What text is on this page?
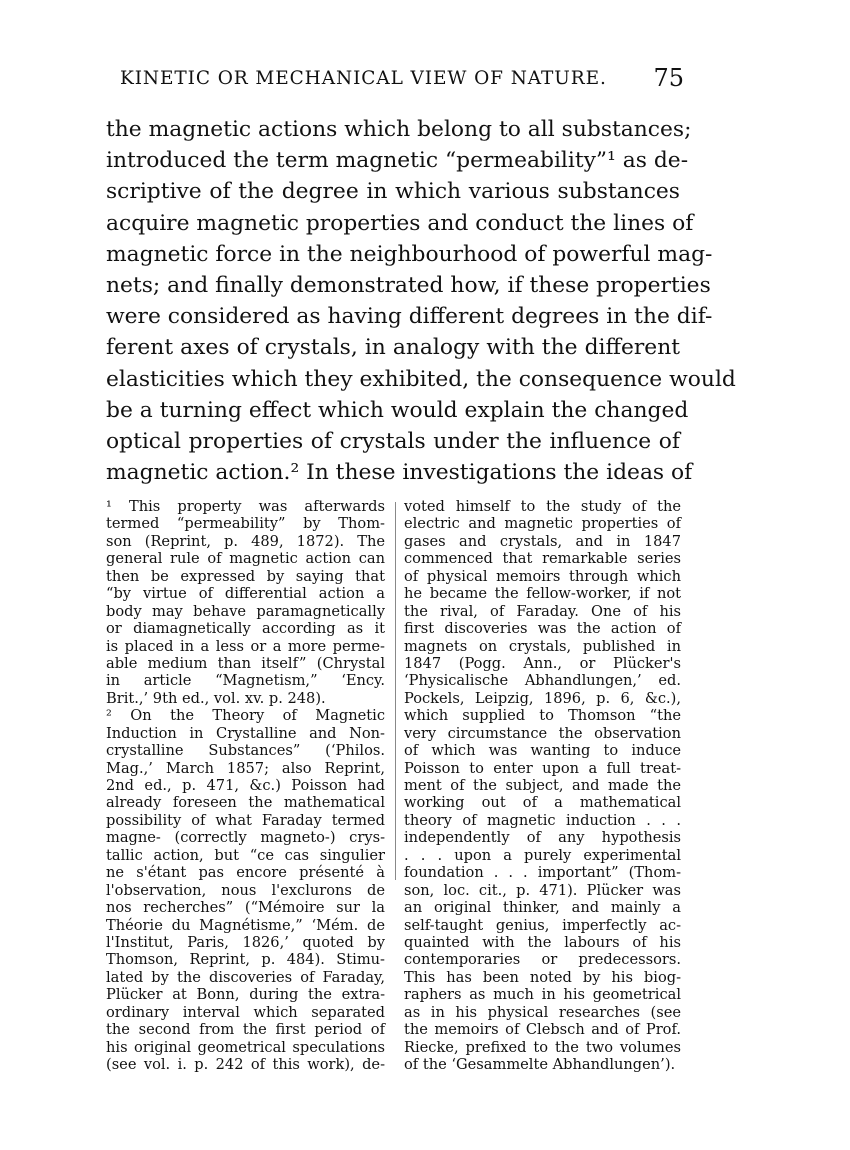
KINETIC OR MECHANICAL VIEW OF NATURE. 75
the magnetic actions which belong to all substances;
introduced the term magnetic “permeability”¹ as de-
scriptive of the degree in which various substances
acquire magnetic properties and conduct the lines of
magnetic force in the neighbourhood of powerful mag-
nets; and finally demonstrated how, if these properties
were considered as having different degrees in the dif-
ferent axes of crystals, in analogy with the different
elasticities which they exhibited, the consequence would
be a turning effect which would explain the changed
optical properties of crystals under the influence of
magnetic action.² In these investigations the ideas of
¹ This property was afterwards
termed “permeability” by Thom-
son (Reprint, p. 489, 1872). The
general rule of magnetic action can
then be expressed by saying that
“by virtue of differential action a
body may behave paramagnetically
or diamagnetically according as it
is placed in a less or a more perme-
able medium than itself” (Chrystal
in article “Magnetism,” ‘Ency.
Brit.,’ 9th ed., vol. xv. p. 248).
² On the Theory of Magnetic
Induction in Crystalline and Non-
crystalline Substances” (‘Philos.
Mag.,’ March 1857; also Reprint,
2nd ed., p. 471, &c.) Poisson had
already foreseen the mathematical
possibility of what Faraday termed
magne- (correctly magneto-) crys-
tallic action, but “ce cas singulier
ne s'étant pas encore présenté à
l'observation, nous l'exclurons de
nos recherches” (“Mémoire sur la
Théorie du Magnétisme,” ‘Mém. de
l'Institut, Paris, 1826,’ quoted by
Thomson, Reprint, p. 484). Stimu-
lated by the discoveries of Faraday,
Plücker at Bonn, during the extra-
ordinary interval which separated
the second from the first period of
his original geometrical speculations
(see vol. i. p. 242 of this work), de-
voted himself to the study of the
electric and magnetic properties of
gases and crystals, and in 1847
commenced that remarkable series
of physical memoirs through which
he became the fellow-worker, if not
the rival, of Faraday. One of his
first discoveries was the action of
magnets on crystals, published in
1847 (Pogg. Ann., or Plücker's
‘Physicalische Abhandlungen,’ ed.
Pockels, Leipzig, 1896, p. 6, &c.),
which supplied to Thomson “the
very circumstance the observation
of which was wanting to induce
Poisson to enter upon a full treat-
ment of the subject, and made the
working out of a mathematical
theory of magnetic induction . . .
independently of any hypothesis
. . . upon a purely experimental
foundation . . . important” (Thom-
son, loc. cit., p. 471). Plücker was
an original thinker, and mainly a
self-taught genius, imperfectly ac-
quainted with the labours of his
contemporaries or predecessors.
This has been noted by his biog-
raphers as much in his geometrical
as in his physical researches (see
the memoirs of Clebsch and of Prof.
Riecke, prefixed to the two volumes
of the ‘Gesammelte Abhandlungen’).
